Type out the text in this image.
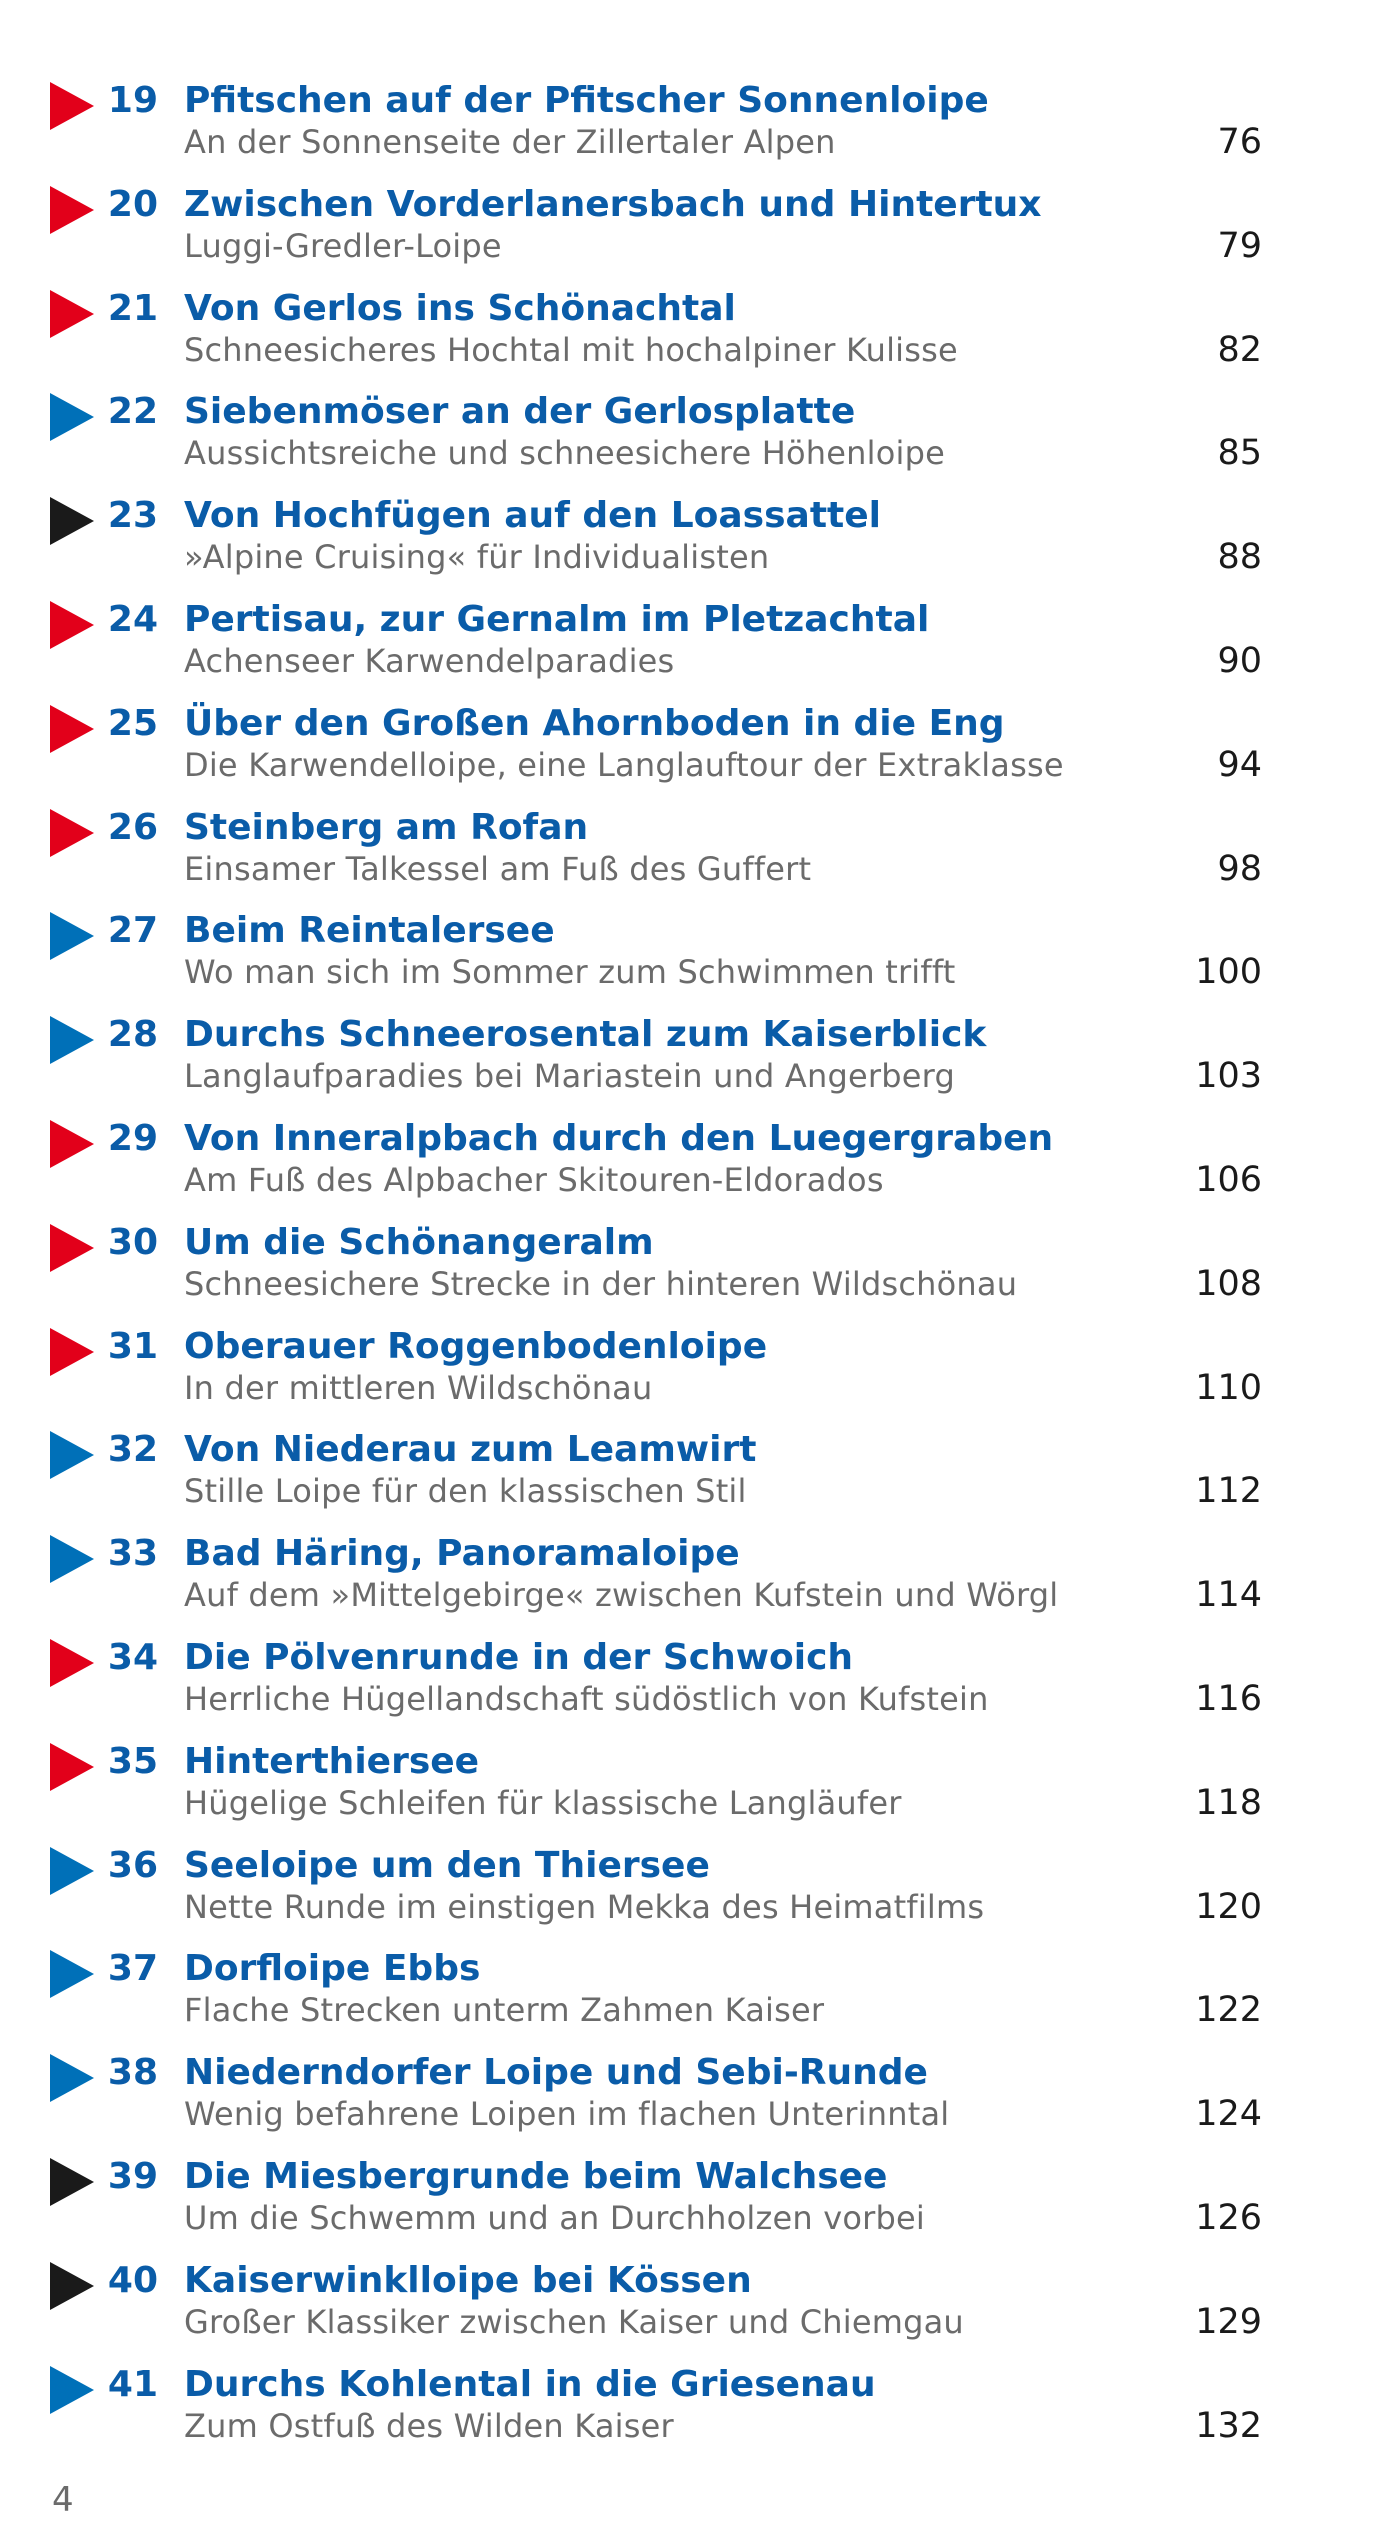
19 Pfitschen auf der Pfitscher Sonnenloipe
An der Sonnenseite der Zillertaler Alpen	76
20 Zwischen Vorderlanersbach und Hintertux
Luggi-Gredler-Loipe	79
21 Von Gerlos ins Schönachtal
Schneesicheres Hochtal mit hochalpiner Kulisse	82
22 Siebenmöser an der Gerlosplatte
Aussichtsreiche und schneesichere Höhenloipe	85
23 Von Hochfügen auf den Loassattel
»Alpine Cruising« für Individualisten	88
24 Pertisau, zur Gernalm im Pletzachtal
Achenseer Karwendelparadies	90
25 Über den Großen Ahornboden in die Eng
Die Karwendelloipe, eine Langlauftour der Extraklasse	94
26 Steinberg am Rofan
Einsamer Talkessel am Fuß des Guffert	98
27 Beim Reintalersee
Wo man sich im Sommer zum Schwimmen trifft	100
28 Durchs Schneerosental zum Kaiserblick
Langlaufparadies bei Mariastein und Angerberg	103
29 Von Inneralpbach durch den Luegergraben
Am Fuß des Alpbacher Skitouren-Eldorados	106
30 Um die Schönangeralm
Schneesichere Strecke in der hinteren Wildschönau	108
31 Oberauer Roggenbodenloipe
In der mittleren Wildschönau	110
32 Von Niederau zum Leamwirt
Stille Loipe für den klassischen Stil	112
33 Bad Häring, Panoramaloipe
Auf dem »Mittelgebirge« zwischen Kufstein und Wörgl	114
34 Die Pölvenrunde in der Schwoich
Herrliche Hügellandschaft südöstlich von Kufstein	116
35 Hinterthiersee
Hügelige Schleifen für klassische Langläufer	118
36 Seeloipe um den Thiersee
Nette Runde im einstigen Mekka des Heimatfilms	120
37 Dorfloipe Ebbs
Flache Strecken unterm Zahmen Kaiser	122
38 Niederndorfer Loipe und Sebi-Runde
Wenig befahrene Loipen im flachen Unterinntal	124
39 Die Miesbergrunde beim Walchsee
Um die Schwemm und an Durchholzen vorbei	126
40 Kaiserwinklloipe bei Kössen
Großer Klassiker zwischen Kaiser und Chiemgau	129
41 Durchs Kohlental in die Griesenau
Zum Ostfuß des Wilden Kaiser	132
4
